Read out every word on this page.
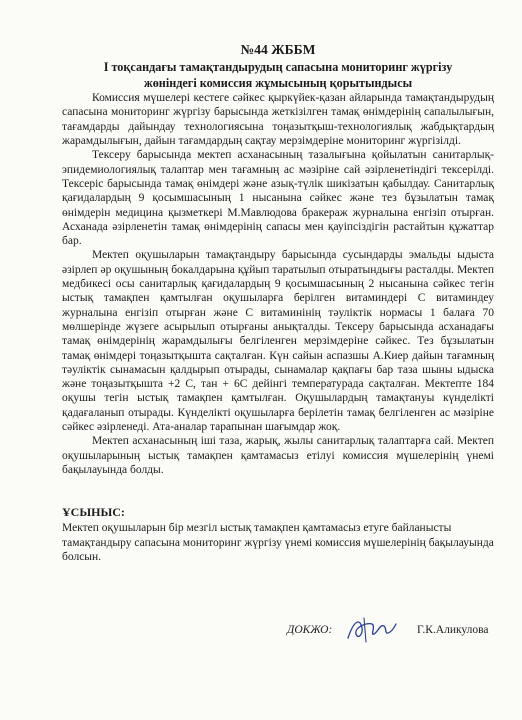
№44 ЖББМ
І тоқсандағы тамақтандырудың сапасына мониторинг жүргізу
жөніндегі комиссия жұмысының қорытындысы

Комиссия мүшелері кестеге сәйкес қыркүйек-қазан айларында тамақтандырудың сапасына мониторинг жүргізу барысында жеткізілген тамақ өнімдерінің сапалылығын, тағамдарды дайындау технологиясына тоңазытқыш-технологиялық жабдықтардың жарамдылығын, дайын тағамдардың сақтау мерзімдеріне мониторинг жүргізілді.

Тексеру барысында мектеп асханасының тазалығына қойылатын санитарлық-эпидемиологиялық талаптар мен тағамның ас мәзіріне сай әзірленетіндігі тексерілді. Тексеріс барысында тамақ өнімдері және азық-түлік шикізатын қабылдау. Санитарлық қағидалардың 9 қосымшасының 1 нысанына сәйкес және тез бұзылатын тамақ өнімдерін медицина қызметкері М.Мавлюдова бракераж журналына енгізіп отырған. Асханада әзірленетін тамақ өнімдерінің сапасы мен қауіпсіздігін растайтын құжаттар бар.

Мектеп оқушыларын тамақтандыру барысында сусындарды эмальды ыдыста әзірлеп әр оқушының бокалдарына құйып таратылып отыратындығы расталды. Мектеп медбикесі осы санитарлық қағидалардың 9 қосымшасының 2 нысанына сәйкес тегін ыстық тамақпен қамтылған оқушыларға берілген витаминдері С витаминдеу журналына енгізіп отырған және С витаминінің тәуліктік нормасы 1 балаға 70 мөлшерінде жүзеге асырылып отырғаны анықталды. Тексеру барысында асханадағы тамақ өнімдерінің жарамдылығы белгіленген мерзімдеріне сәйкес. Тез бұзылатын тамақ өнімдері тоңазытқышта сақталған. Күн сайын аспазшы А.Киер дайын тағамның тәуліктік сынамасын қалдырып отырады, сынамалар қақпағы бар таза шыны ыдыска және тоңазытқышта +2 С, тан + 6С дейінгі температурада сақталған. Мектепте 184 оқушы тегін ыстық тамақпен қамтылған. Оқушылардың тамақтануы күнделікті қадағаланып отырады. Күнделікті оқушыларға берілетін тамақ белгіленген ас мәзіріне сәйкес әзірленеді. Ата-аналар тарапынан шағымдар жоқ.

Мектеп асханасының іші таза, жарық, жылы санитарлық талаптарға сай. Мектеп оқушыларының ыстық тамақпен қамтамасыз етілуі комиссия мүшелерінің үнемі бақылауында болды.

ҰСЫНЫС:

Мектеп оқушыларын бір мезгіл ыстық тамақпен қамтамасыз етуге байланысты тамақтандыру сапасына мониторинг жүргізу үнемі комиссия мүшелерінің бақылауында болсын.

ДОКЖО:	Г.К.Аликулова
